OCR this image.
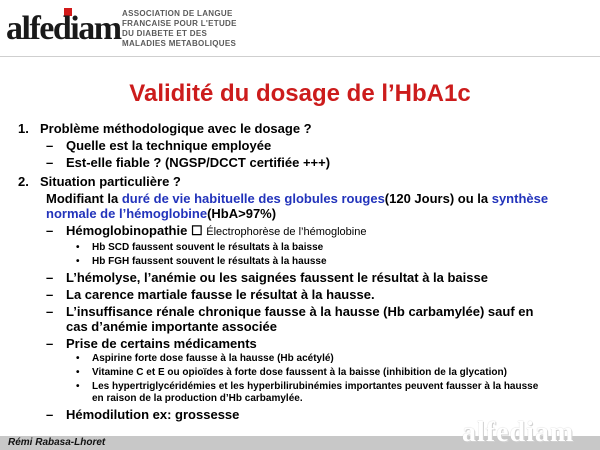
alfediam ASSOCIATION DE LANGUE
FRANCAISE POUR L'ETUDE
DU DIABETE ET DES
MALADIES METABOLIQUES
Validité du dosage de l’HbA1c
1. Problème méthodologique avec le dosage ?
– Quelle est la technique employée
– Est-elle fiable ? (NGSP/DCCT certifiée +++)
2. Situation particulière ?
Modifiant la duré de vie habituelle des globules rouges(120 Jours) ou la synthèse normale de l’hémoglobine(HbA>97%)
– Hémoglobinopathie ☐ Électrophorèse de l’hémoglobine
• Hb SCD faussent souvent le résultats à la baisse
• Hb FGH faussent souvent le résultats à la hausse
– L’hémolyse, l’anémie ou les saignées faussent le résultat à la baisse
– La carence martiale fausse le résultat à la hausse.
– L’insuffisance rénale chronique fausse à la hausse (Hb carbamylée) sauf en cas d’anémie importante associée
– Prise de certains médicaments
• Aspirine forte dose fausse à la hausse (Hb acétylé)
• Vitamine C et E ou opioïdes à forte dose faussent à la baisse (inhibition de la glycation)
• Les hypertriglycéridémies et les hyperbilirubinémies importantes peuvent fausser à la hausse en raison de la production d’Hb carbamylée.
– Hémodilution ex: grossesse
Rémi Rabasa-Lhoret	alfediam
